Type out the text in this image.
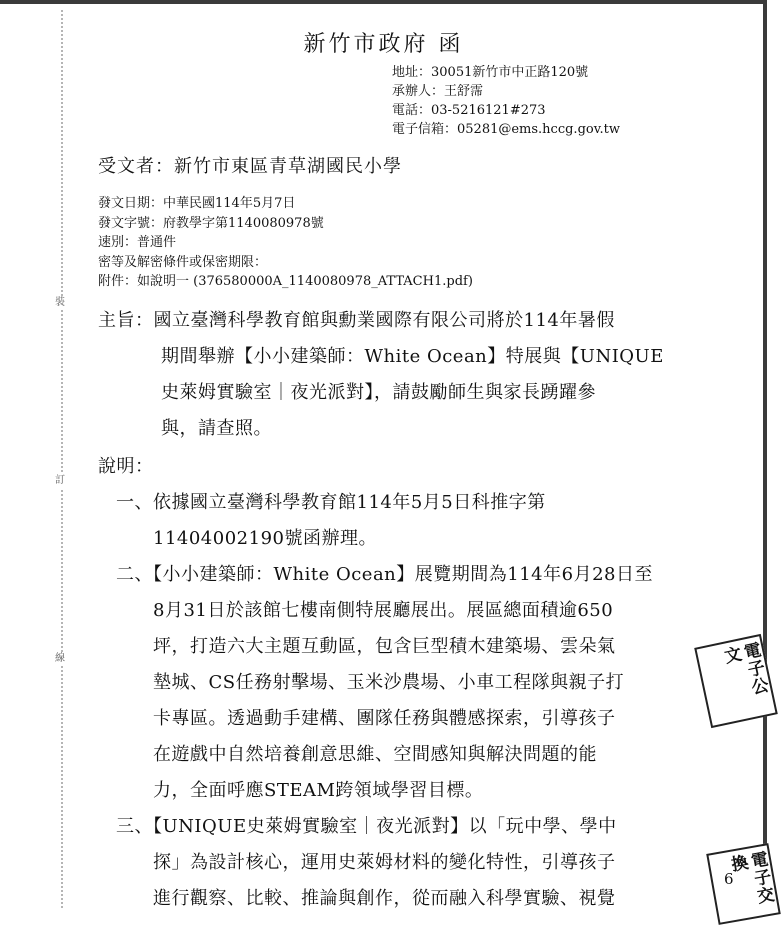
裝
訂
線
新竹市政府 函
地址：30051新竹市中正路120號
承辦人：王舒霈
電話：03-5216121#273
電子信箱：05281@ems.hccg.gov.tw
受文者：新竹市東區青草湖國民小學
發文日期：中華民國114年5月7日
發文字號：府教學字第1140080978號
速別：普通件
密等及解密條件或保密期限：
附件：如說明一 (376580000A_1140080978_ATTACH1.pdf)
主旨：國立臺灣科學教育館與勳業國際有限公司將於114年暑假
期間舉辦【小小建築師：White Ocean】特展與【UNIQUE
史萊姆實驗室｜夜光派對】，請鼓勵師生與家長踴躍參
與，請查照。
說明：
一、依據國立臺灣科學教育館114年5月5日科推字第
11404002190號函辦理。
二、【小小建築師：White Ocean】展覽期間為114年6月28日至
8月31日於該館七樓南側特展廳展出。展區總面積逾650
坪，打造六大主題互動區，包含巨型積木建築場、雲朵氣
墊城、CS任務射擊場、玉米沙農場、小車工程隊與親子打
卡專區。透過動手建構、團隊任務與體感探索，引導孩子
在遊戲中自然培養創意思維、空間感知與解決問題的能
力，全面呼應STEAM跨領域學習目標。
三、【UNIQUE史萊姆實驗室｜夜光派對】以「玩中學、學中
探」為設計核心，運用史萊姆材料的變化特性，引導孩子
進行觀察、比較、推論與創作，從而融入科學實驗、視覺
電子公文
電子交換
6
